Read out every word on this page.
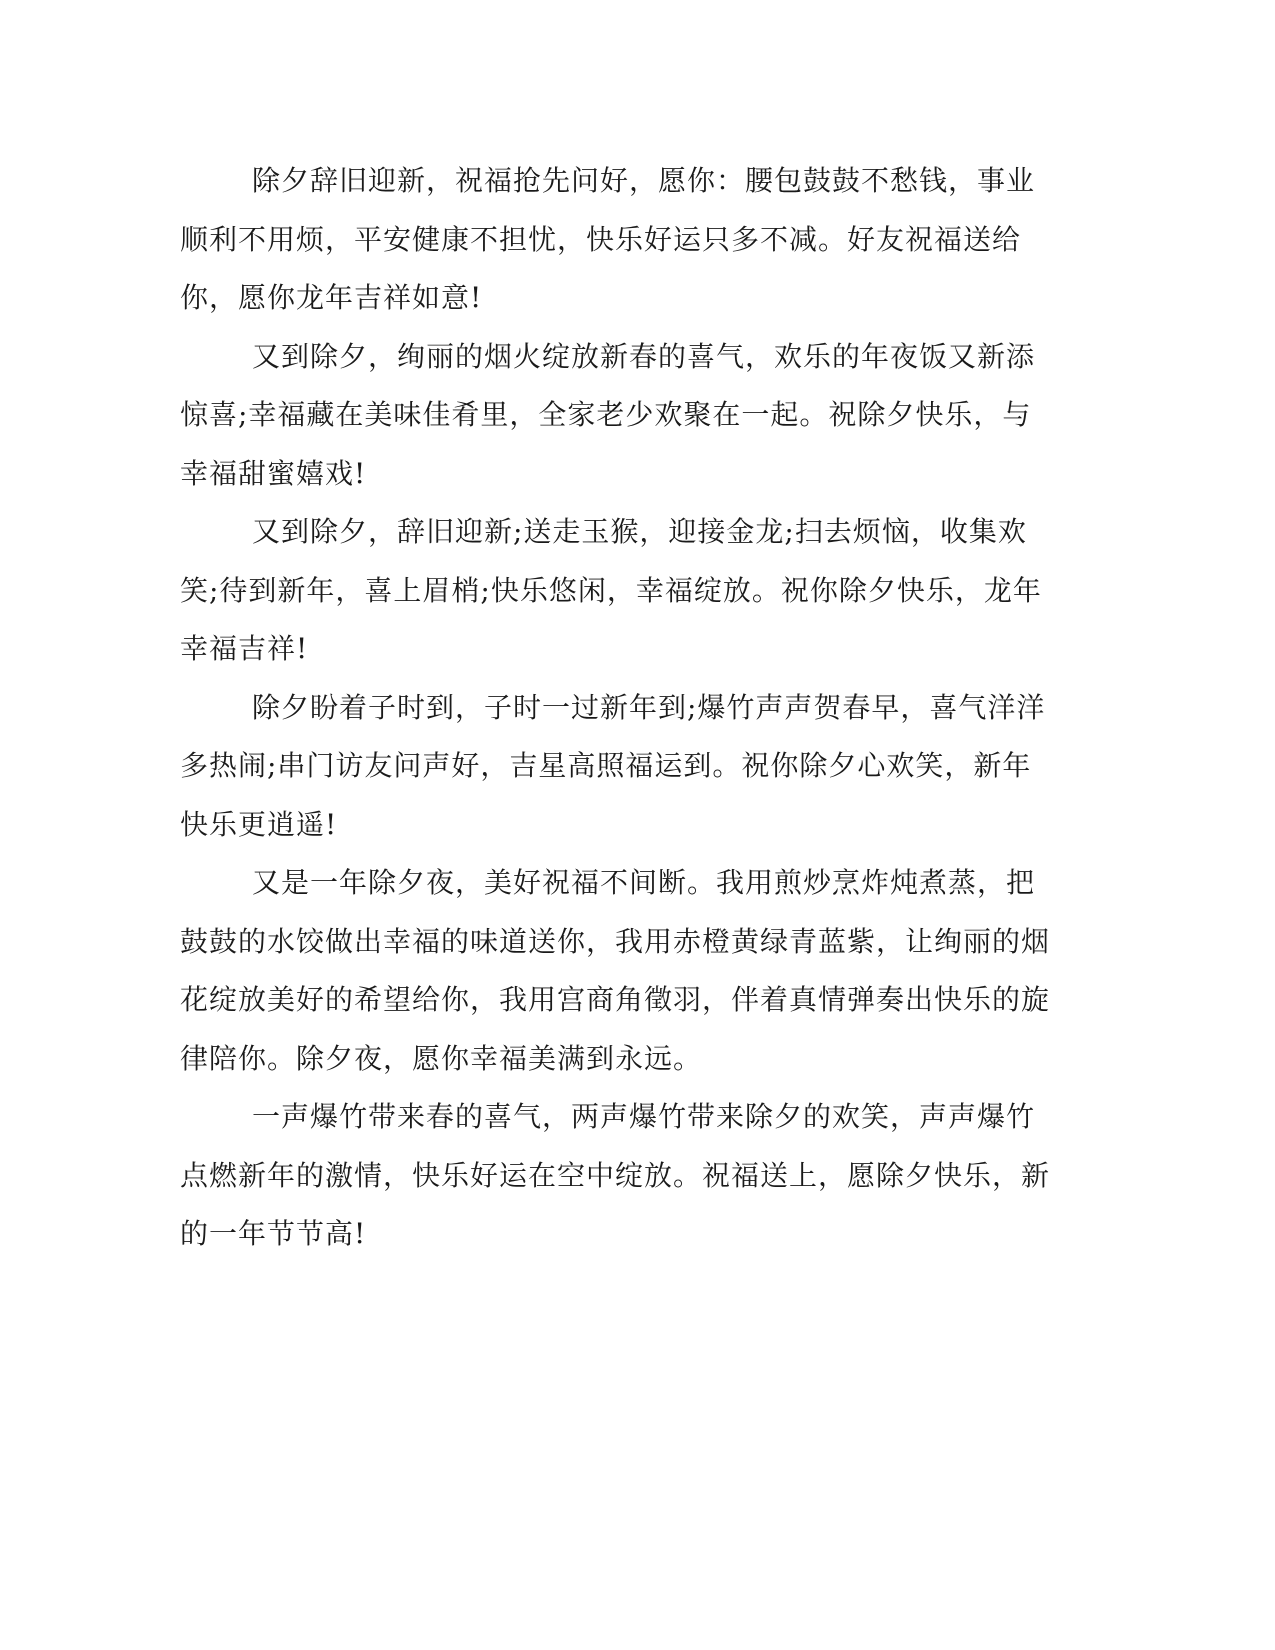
除夕辞旧迎新，祝福抢先问好，愿你：腰包鼓鼓不愁钱，事业顺利不用烦，平安健康不担忧，快乐好运只多不减。好友祝福送给你，愿你龙年吉祥如意!

又到除夕，绚丽的烟火绽放新春的喜气，欢乐的年夜饭又新添惊喜;幸福藏在美味佳肴里，全家老少欢聚在一起。祝除夕快乐，与幸福甜蜜嬉戏!

又到除夕，辞旧迎新;送走玉猴，迎接金龙;扫去烦恼，收集欢笑;待到新年，喜上眉梢;快乐悠闲，幸福绽放。祝你除夕快乐，龙年幸福吉祥!

除夕盼着子时到，子时一过新年到;爆竹声声贺春早，喜气洋洋多热闹;串门访友问声好，吉星高照福运到。祝你除夕心欢笑，新年快乐更逍遥!

又是一年除夕夜，美好祝福不间断。我用煎炒烹炸炖煮蒸，把鼓鼓的水饺做出幸福的味道送你，我用赤橙黄绿青蓝紫，让绚丽的烟花绽放美好的希望给你，我用宫商角徵羽，伴着真情弹奏出快乐的旋律陪你。除夕夜，愿你幸福美满到永远。

一声爆竹带来春的喜气，两声爆竹带来除夕的欢笑，声声爆竹点燃新年的激情，快乐好运在空中绽放。祝福送上，愿除夕快乐，新的一年节节高!
